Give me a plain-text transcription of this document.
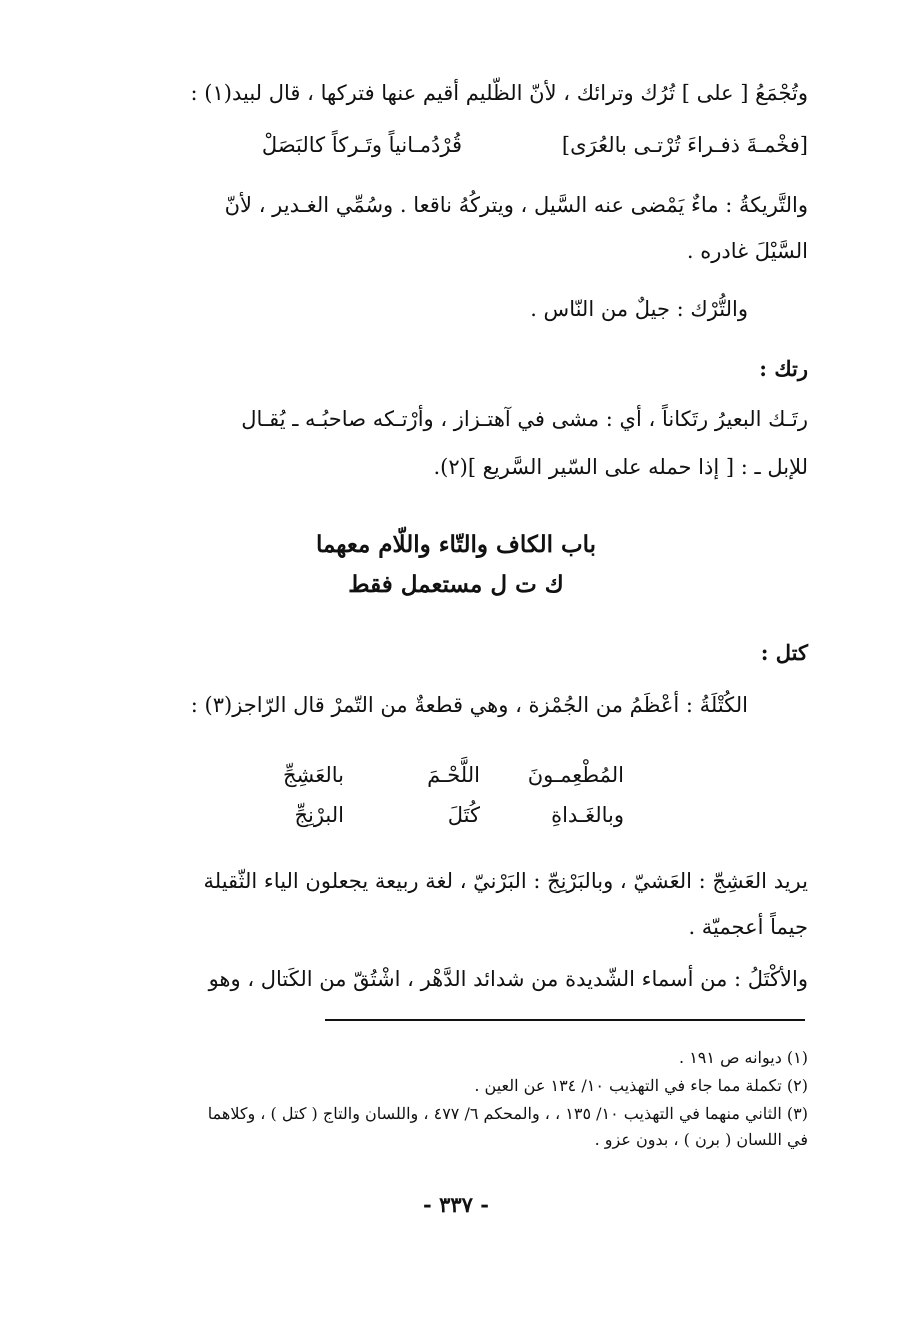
وتُجْمَعُ [ على ] تُرُك وترائك ، لأنّ الظّليم أقيم عنها فتركها ، قال لبيد(١) :
[فخْمـةَ ذفـراءَ تُرْتـى بالعُرَى]
قُرْدُمـانياً وتَـركاً كالبَصَلْ
والتَّريكةُ : ماءٌ يَمْضى عنه السَّيل ، ويتركُهُ ناقعا . وسُمِّي الغـدير ، لأنّ
السَّيْلَ غادره .
والتُّرْك : جيلٌ من النّاس .
رتك :
رتَـك البعيرُ رتَكاناً ، أي : مشى في آهتـزاز ، وأرْتـكه صاحبُـه ـ يُقـال
للإبل ـ : [ إذا حمله على السّير السَّريع ](٢).
باب الكاف والتّاء واللّام معهما
ك ت ل مستعمل فقط
كتل :
الكُتْلَةُ : أعْظَمُ من الجُمْزة ، وهي قطعةٌ من التّمرْ قال الرّاجز(٣) :
المُطْعِمـونَ
اللَّحْـمَ
بالعَشِجِّ
وبالغَـداةِ
كُتَلَ
البرْنِجِّ
يريد العَشِجّ : العَشيّ ، وبالبَرْنِجّ : البَرْنيّ ، لغة ربيعة يجعلون الياء الثّقيلة
جيماً أعجميّة .
والأكْتَلُ : من أسماء الشّديدة من شدائد الدَّهْر ، اشْتُقّ من الكَتال ، وهو
(١) ديوانه ص ١٩١ .
(٢) تكملة مما جاء في التهذيب ١٠/ ١٣٤ عن العين .
(٣) الثاني منهما في التهذيب ١٠/ ١٣٥ ، ، والمحكم ٦/ ٤٧٧ ، واللسان والتاج ( كتل ) ، وكلاهما
في اللسان ( برن ) ، بدون عزو .
- ٣٣٧ -
